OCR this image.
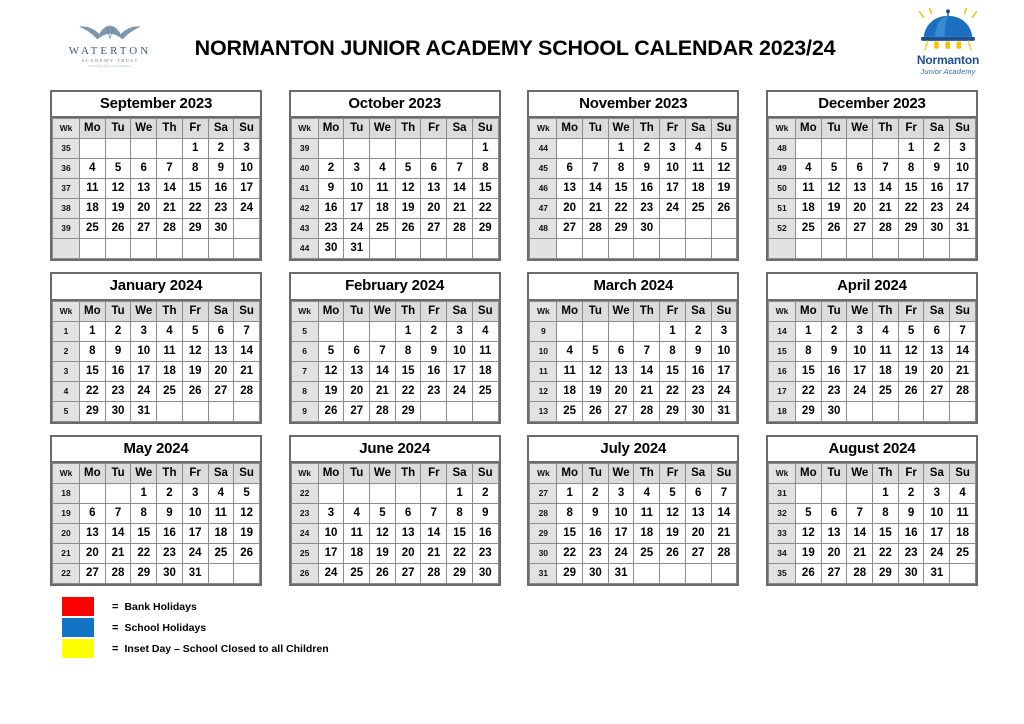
WATERTON
ACADEMY TRUST
Creating the extraordinary
NORMANTON JUNIOR ACADEMY SCHOOL CALENDAR 2023/24
Normanton
Junior Academy
September 2023
Wk	Mo	Tu	We	Th	Fr	Sa	Su
35					1	2	3
36	4	5	6	7	8	9	10
37	11	12	13	14	15	16	17
38	18	19	20	21	22	23	24
39	25	26	27	28	29	30	

October 2023
Wk	Mo	Tu	We	Th	Fr	Sa	Su
39							1
40	2	3	4	5	6	7	8
41	9	10	11	12	13	14	15
42	16	17	18	19	20	21	22
43	23	24	25	26	27	28	29
44	30	31					
November 2023
Wk	Mo	Tu	We	Th	Fr	Sa	Su
44			1	2	3	4	5
45	6	7	8	9	10	11	12
46	13	14	15	16	17	18	19
47	20	21	22	23	24	25	26
48	27	28	29	30			

December 2023
Wk	Mo	Tu	We	Th	Fr	Sa	Su
48					1	2	3
49	4	5	6	7	8	9	10
50	11	12	13	14	15	16	17
51	18	19	20	21	22	23	24
52	25	26	27	28	29	30	31

January 2024
Wk	Mo	Tu	We	Th	Fr	Sa	Su
1	1	2	3	4	5	6	7
2	8	9	10	11	12	13	14
3	15	16	17	18	19	20	21
4	22	23	24	25	26	27	28
5	29	30	31				
February 2024
Wk	Mo	Tu	We	Th	Fr	Sa	Su
5				1	2	3	4
6	5	6	7	8	9	10	11
7	12	13	14	15	16	17	18
8	19	20	21	22	23	24	25
9	26	27	28	29			
March 2024
Wk	Mo	Tu	We	Th	Fr	Sa	Su
9					1	2	3
10	4	5	6	7	8	9	10
11	11	12	13	14	15	16	17
12	18	19	20	21	22	23	24
13	25	26	27	28	29	30	31
April 2024
Wk	Mo	Tu	We	Th	Fr	Sa	Su
14	1	2	3	4	5	6	7
15	8	9	10	11	12	13	14
16	15	16	17	18	19	20	21
17	22	23	24	25	26	27	28
18	29	30					
May 2024
Wk	Mo	Tu	We	Th	Fr	Sa	Su
18			1	2	3	4	5
19	6	7	8	9	10	11	12
20	13	14	15	16	17	18	19
21	20	21	22	23	24	25	26
22	27	28	29	30	31		
June 2024
Wk	Mo	Tu	We	Th	Fr	Sa	Su
22						1	2
23	3	4	5	6	7	8	9
24	10	11	12	13	14	15	16
25	17	18	19	20	21	22	23
26	24	25	26	27	28	29	30
July 2024
Wk	Mo	Tu	We	Th	Fr	Sa	Su
27	1	2	3	4	5	6	7
28	8	9	10	11	12	13	14
29	15	16	17	18	19	20	21
30	22	23	24	25	26	27	28
31	29	30	31				
August 2024
Wk	Mo	Tu	We	Th	Fr	Sa	Su
31				1	2	3	4
32	5	6	7	8	9	10	11
33	12	13	14	15	16	17	18
34	19	20	21	22	23	24	25
35	26	27	28	29	30	31	
= Bank Holidays
= School Holidays
= Inset Day – School Closed to all Children
